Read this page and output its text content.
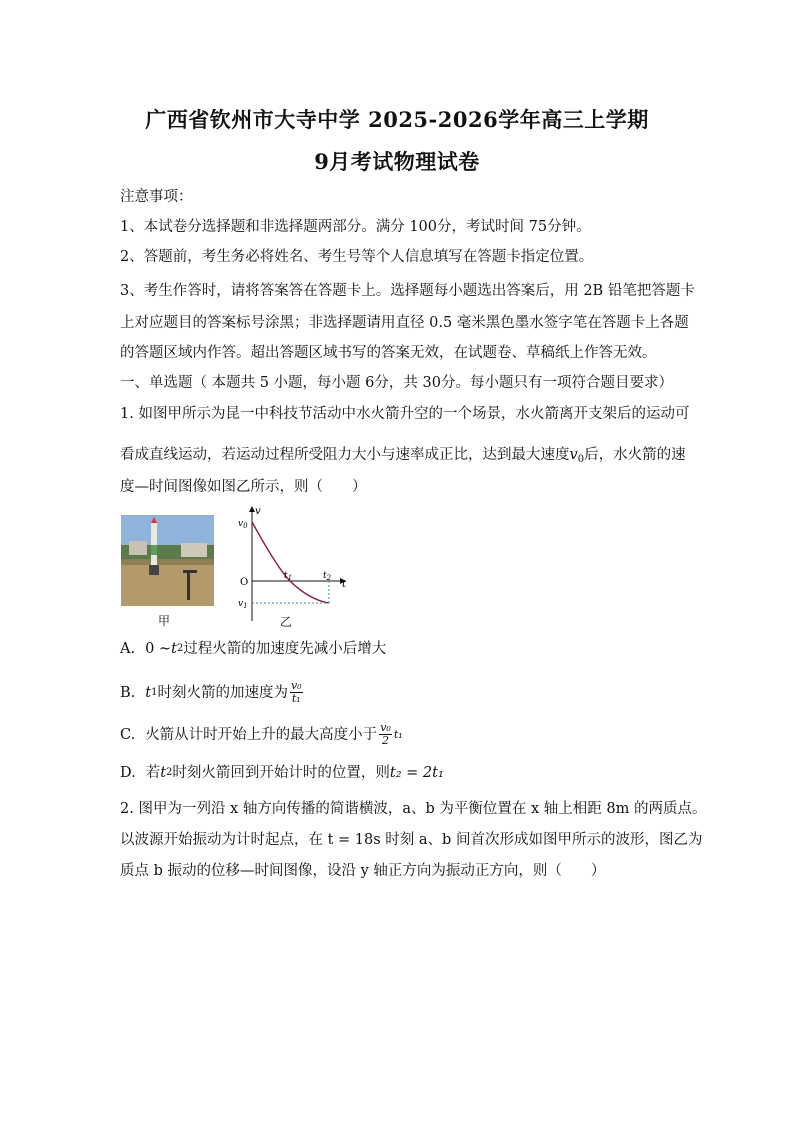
广西省钦州市大寺中学 2025-2026学年高三上学期
9月考试物理试卷
注意事项：
1、本试卷分选择题和非选择题两部分。满分 100分，考试时间 75分钟。
2、答题前，考生务必将姓名、考生号等个人信息填写在答题卡指定位置。
3、考生作答时，请将答案答在答题卡上。选择题每小题选出答案后，用 2B 铅笔把答题卡
上对应题目的答案标号涂黑；非选择题请用直径 0.5 毫米黑色墨水签字笔在答题卡上各题
的答题区域内作答。超出答题区域书写的答案无效，在试题卷、草稿纸上作答无效。
一、单选题（ 本题共 5 小题，每小题 6分，共 30分。每小题只有一项符合题目要求）
1. 如图甲所示为昆一中科技节活动中水火箭升空的一个场景，水火箭离开支架后的运动可
看成直线运动，若运动过程所受阻力大小与速率成正比，达到最大速度$v_0$后，水火箭的速
度—时间图像如图乙所示，则（　　）
甲
v
t
O
$v_0$
$v_1$
$t_1$	$t_2$
乙
A. 0 ~ t 2 过程火箭的加速度先减小后增大
B. t 1 时刻火箭的加速度为 $\frac{\text{v₀}}{\text{t₁}}$
C. 火箭从计时开始上升的最大高度小于 $\frac{\text{v₀}}{2} t_1$
D. 若 t 2 时刻火箭回到开始计时的位置，则 t₂ = 2t₁
2. 图甲为一列沿 x 轴方向传播的简谐横波，a、b 为平衡位置在 x 轴上相距 8m 的两质点。
以波源开始振动为计时起点，在 t = 18s 时刻 a、b 间首次形成如图甲所示的波形，图乙为
质点 b 振动的位移—时间图像，设沿 y 轴正方向为振动正方向，则（　　）
